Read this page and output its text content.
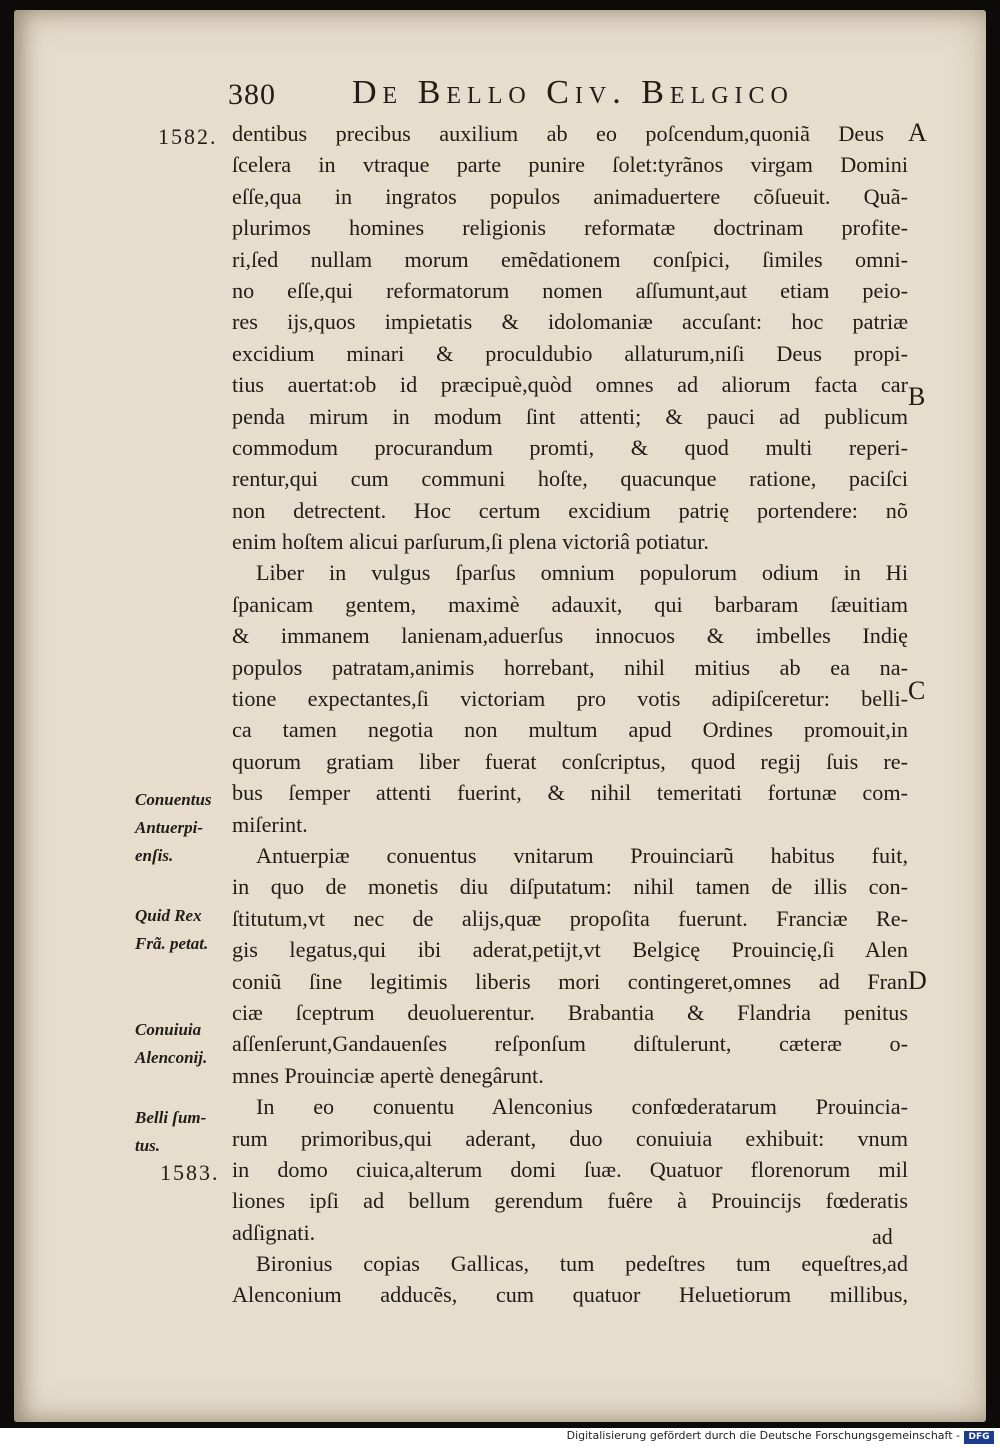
380 De Bello Civ. Belgico
1582.
1583.
dentibus precibus auxilium ab eo poſcendum,quoniã Deus
ſcelera in vtraque parte punire ſolet:tyrãnos virgam Domini
eſſe,qua in ingratos populos animaduertere cõſueuit. Quã-
plurimos homines religionis reformatæ doctrinam profite-
ri,ſed nullam morum emẽdationem conſpici, ſimiles omni-
no eſſe,qui reformatorum nomen aſſumunt,aut etiam peio-
res ijs,quos impietatis & idolomaniæ accuſant: hoc patriæ
excidium minari & proculdubio allaturum,niſi Deus propi-
tius auertat:ob id præcipuè,quòd omnes ad aliorum facta car
penda mirum in modum ſint attenti; & pauci ad publicum
commodum procurandum promti, & quod multi reperi-
rentur,qui cum communi hoſte, quacunque ratione, paciſci
non detrectent. Hoc certum excidium patrię portendere: nõ
enim hoſtem alicui parſurum,ſi plena victoriâ potiatur.
Liber in vulgus ſparſus omnium populorum odium in Hi
ſpanicam gentem, maximè adauxit, qui barbaram ſæuitiam
& immanem lanienam,aduerſus innocuos & imbelles Indię
populos patratam,animis horrebant, nihil mitius ab ea na-
tione expectantes,ſi victoriam pro votis adipiſceretur: belli-
ca tamen negotia non multum apud Ordines promouit,in
quorum gratiam liber fuerat conſcriptus, quod regij ſuis re-
bus ſemper attenti fuerint, & nihil temeritati fortunæ com-
miſerint.
Antuerpiæ conuentus vnitarum Prouinciarũ habitus fuit,
in quo de monetis diu diſputatum: nihil tamen de illis con-
ſtitutum,vt nec de alijs,quæ propoſita fuerunt. Franciæ Re-
gis legatus,qui ibi aderat,petijt,vt Belgicę Prouincię,ſi Alen
coniũ ſine legitimis liberis mori contingeret,omnes ad Fran
ciæ ſceptrum deuoluerentur. Brabantia & Flandria penitus
aſſenſerunt,Gandauenſes reſponſum diſtulerunt, cæteræ o-
mnes Prouinciæ apertè denegârunt.
In eo conuentu Alenconius confœderatarum Prouincia-
rum primoribus,qui aderant, duo conuiuia exhibuit: vnum
in domo ciuica,alterum domi ſuæ. Quatuor florenorum mil
liones ipſi ad bellum gerendum fuêre à Prouincijs fœderatis
adſignati.
Bironius copias Gallicas, tum pedeſtres tum equeſtres,ad
Alenconium adducẽs, cum quatuor Heluetiorum millibus,
Conuentus
Antuerpi-
enſis.
Quid Rex
Frã. petat.
Conuiuia
Alenconij.
Belli ſum-
tus.
A
B
C
D
ad
Digitalisierung gefördert durch die Deutsche Forschungsgemeinschaft - DFG
